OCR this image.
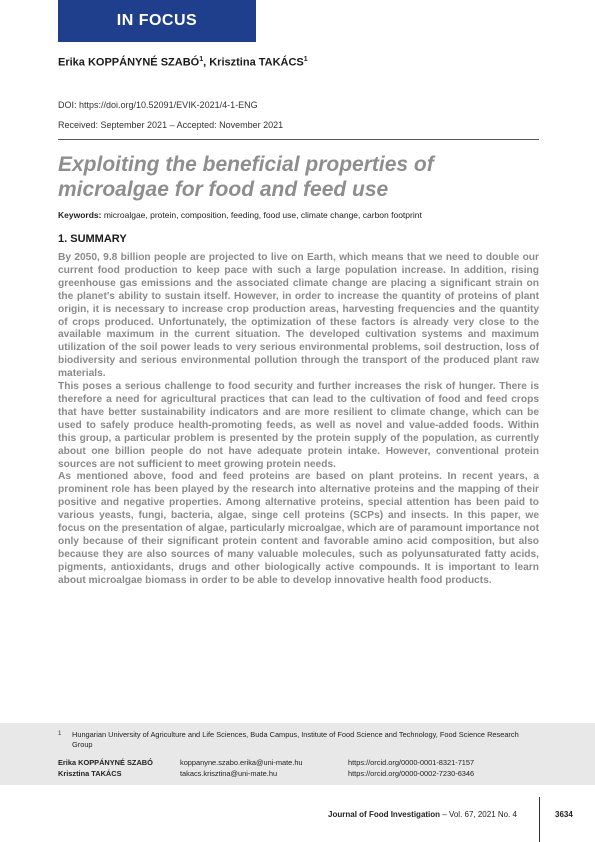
IN FOCUS
Erika KOPPÁNYNÉ SZABÓ$^1$, Krisztina TAKÁCS$^1$
DOI: https://doi.org/10.52091/EVIK-2021/4-1-ENG
Received: September 2021 – Accepted: November 2021
Exploiting the beneficial properties of microalgae for food and feed use
Keywords: microalgae, protein, composition, feeding, food use, climate change, carbon footprint
1. SUMMARY

By 2050, 9.8 billion people are projected to live on Earth, which means that we need to double our current food production to keep pace with such a large population increase. In addition, rising greenhouse gas emissions and the associated climate change are placing a significant strain on the planet's ability to sustain itself. However, in order to increase the quantity of proteins of plant origin, it is necessary to increase crop production areas, harvesting frequencies and the quantity of crops produced. Unfortunately, the optimization of these factors is already very close to the available maximum in the current situation. The developed cultivation systems and maximum utilization of the soil power leads to very serious environmental problems, soil destruction, loss of biodiversity and serious environmental pollution through the transport of the produced plant raw materials.

This poses a serious challenge to food security and further increases the risk of hunger. There is therefore a need for agricultural practices that can lead to the cultivation of food and feed crops that have better sustainability indicators and are more resilient to climate change, which can be used to safely produce health-promoting feeds, as well as novel and value-added foods. Within this group, a particular problem is presented by the protein supply of the population, as currently about one billion people do not have adequate protein intake. However, conventional protein sources are not sufficient to meet growing protein needs.

As mentioned above, food and feed proteins are based on plant proteins. In recent years, a prominent role has been played by the research into alternative proteins and the mapping of their positive and negative properties. Among alternative proteins, special attention has been paid to various yeasts, fungi, bacteria, algae, singe cell proteins (SCPs) and insects. In this paper, we focus on the presentation of algae, particularly microalgae, which are of paramount importance not only because of their significant protein content and favorable amino acid composition, but also because they are also sources of many valuable molecules, such as polyunsaturated fatty acids, pigments, antioxidants, drugs and other biologically active compounds. It is important to learn about microalgae biomass in order to be able to develop innovative health food products.

1 Hungarian University of Agriculture and Life Sciences, Buda Campus, Institute of Food Science and Technology, Food Science Research Group
Erika KOPPÁNYNÉ SZABÓ	koppanyne.szabo.erika@uni-mate.hu	https://orcid.org/0000-0001-8321-7157
Krisztina TAKÁCS	takacs.krisztina@uni-mate.hu	https://orcid.org/0000-0002-7230-6346
Journal of Food Investigation – Vol. 67, 2021 No. 4	3634
